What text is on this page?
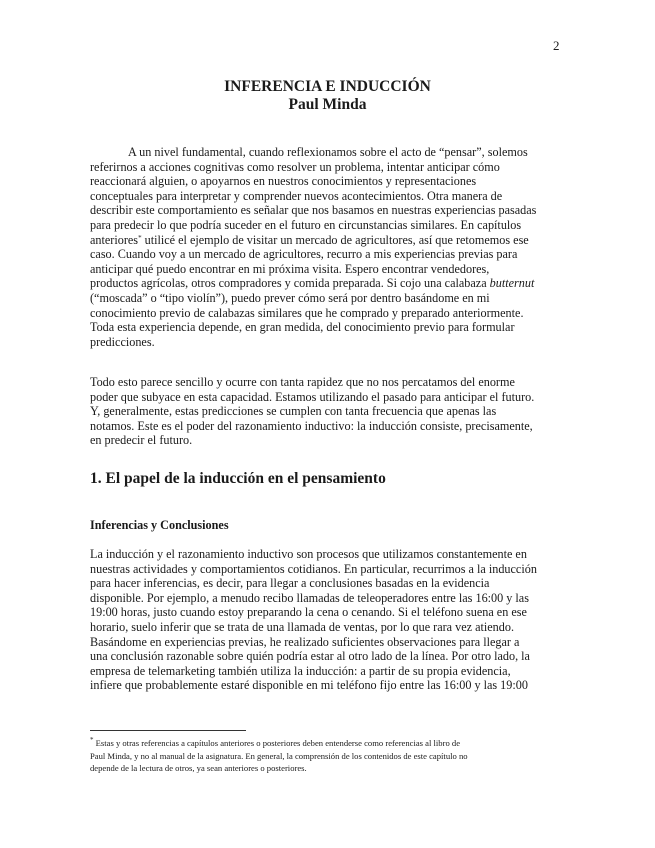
2
INFERENCIA E INDUCCIÓN
Paul Minda
A un nivel fundamental, cuando reflexionamos sobre el acto de “pensar”, solemos
referirnos a acciones cognitivas como resolver un problema, intentar anticipar cómo
reaccionará alguien, o apoyarnos en nuestros conocimientos y representaciones
conceptuales para interpretar y comprender nuevos acontecimientos. Otra manera de
describir este comportamiento es señalar que nos basamos en nuestras experiencias pasadas
para predecir lo que podría suceder en el futuro en circunstancias similares. En capítulos
anteriores* utilicé el ejemplo de visitar un mercado de agricultores, así que retomemos ese
caso. Cuando voy a un mercado de agricultores, recurro a mis experiencias previas para
anticipar qué puedo encontrar en mi próxima visita. Espero encontrar vendedores,
productos agrícolas, otros compradores y comida preparada. Si cojo una calabaza butternut
(“moscada” o “tipo violín”), puedo prever cómo será por dentro basándome en mi
conocimiento previo de calabazas similares que he comprado y preparado anteriormente.
Toda esta experiencia depende, en gran medida, del conocimiento previo para formular
predicciones.
Todo esto parece sencillo y ocurre con tanta rapidez que no nos percatamos del enorme
poder que subyace en esta capacidad. Estamos utilizando el pasado para anticipar el futuro.
Y, generalmente, estas predicciones se cumplen con tanta frecuencia que apenas las
notamos. Este es el poder del razonamiento inductivo: la inducción consiste, precisamente,
en predecir el futuro.
1. El papel de la inducción en el pensamiento
Inferencias y Conclusiones
La inducción y el razonamiento inductivo son procesos que utilizamos constantemente en
nuestras actividades y comportamientos cotidianos. En particular, recurrimos a la inducción
para hacer inferencias, es decir, para llegar a conclusiones basadas en la evidencia
disponible. Por ejemplo, a menudo recibo llamadas de teleoperadores entre las 16:00 y las
19:00 horas, justo cuando estoy preparando la cena o cenando. Si el teléfono suena en ese
horario, suelo inferir que se trata de una llamada de ventas, por lo que rara vez atiendo.
Basándome en experiencias previas, he realizado suficientes observaciones para llegar a
una conclusión razonable sobre quién podría estar al otro lado de la línea. Por otro lado, la
empresa de telemarketing también utiliza la inducción: a partir de su propia evidencia,
infiere que probablemente estaré disponible en mi teléfono fijo entre las 16:00 y las 19:00
* Estas y otras referencias a capítulos anteriores o posteriores deben entenderse como referencias al libro de
Paul Minda, y no al manual de la asignatura. En general, la comprensión de los contenidos de este capítulo no
depende de la lectura de otros, ya sean anteriores o posteriores.
